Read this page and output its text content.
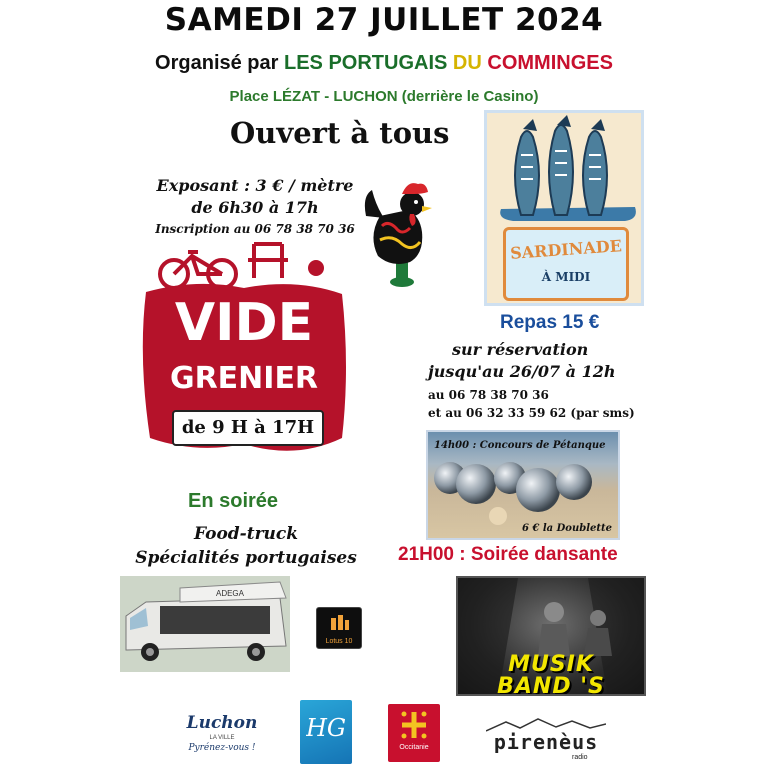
SAMEDI 27 JUILLET 2024
Organisé par LES PORTUGAIS DU COMMINGES
Place LÉZAT - LUCHON (derrière le Casino)
Ouvert à tous
Exposant : 3 € / mètre
de 6h30 à 17h
Inscription au 06 78 38 70 36
SARDINADE
À MIDI
Repas 15 €
sur réservation
jusqu'au 26/07 à 12h
au 06 78 38 70 36
et au 06 32 33 59 62 (par sms)
VIDE
GRENIER
de 9 H à 17H
14h00 : Concours de Pétanque
6 € la Doublette
En soirée
Food-truck
Spécialités portugaises	21H00 : Soirée dansante
ADEGA
Lotus 10
MUSIK
BAND 'S
Luchon
LA VILLE
Pyrénez-vous !
HG
Occitanie	pirenèus
radio
